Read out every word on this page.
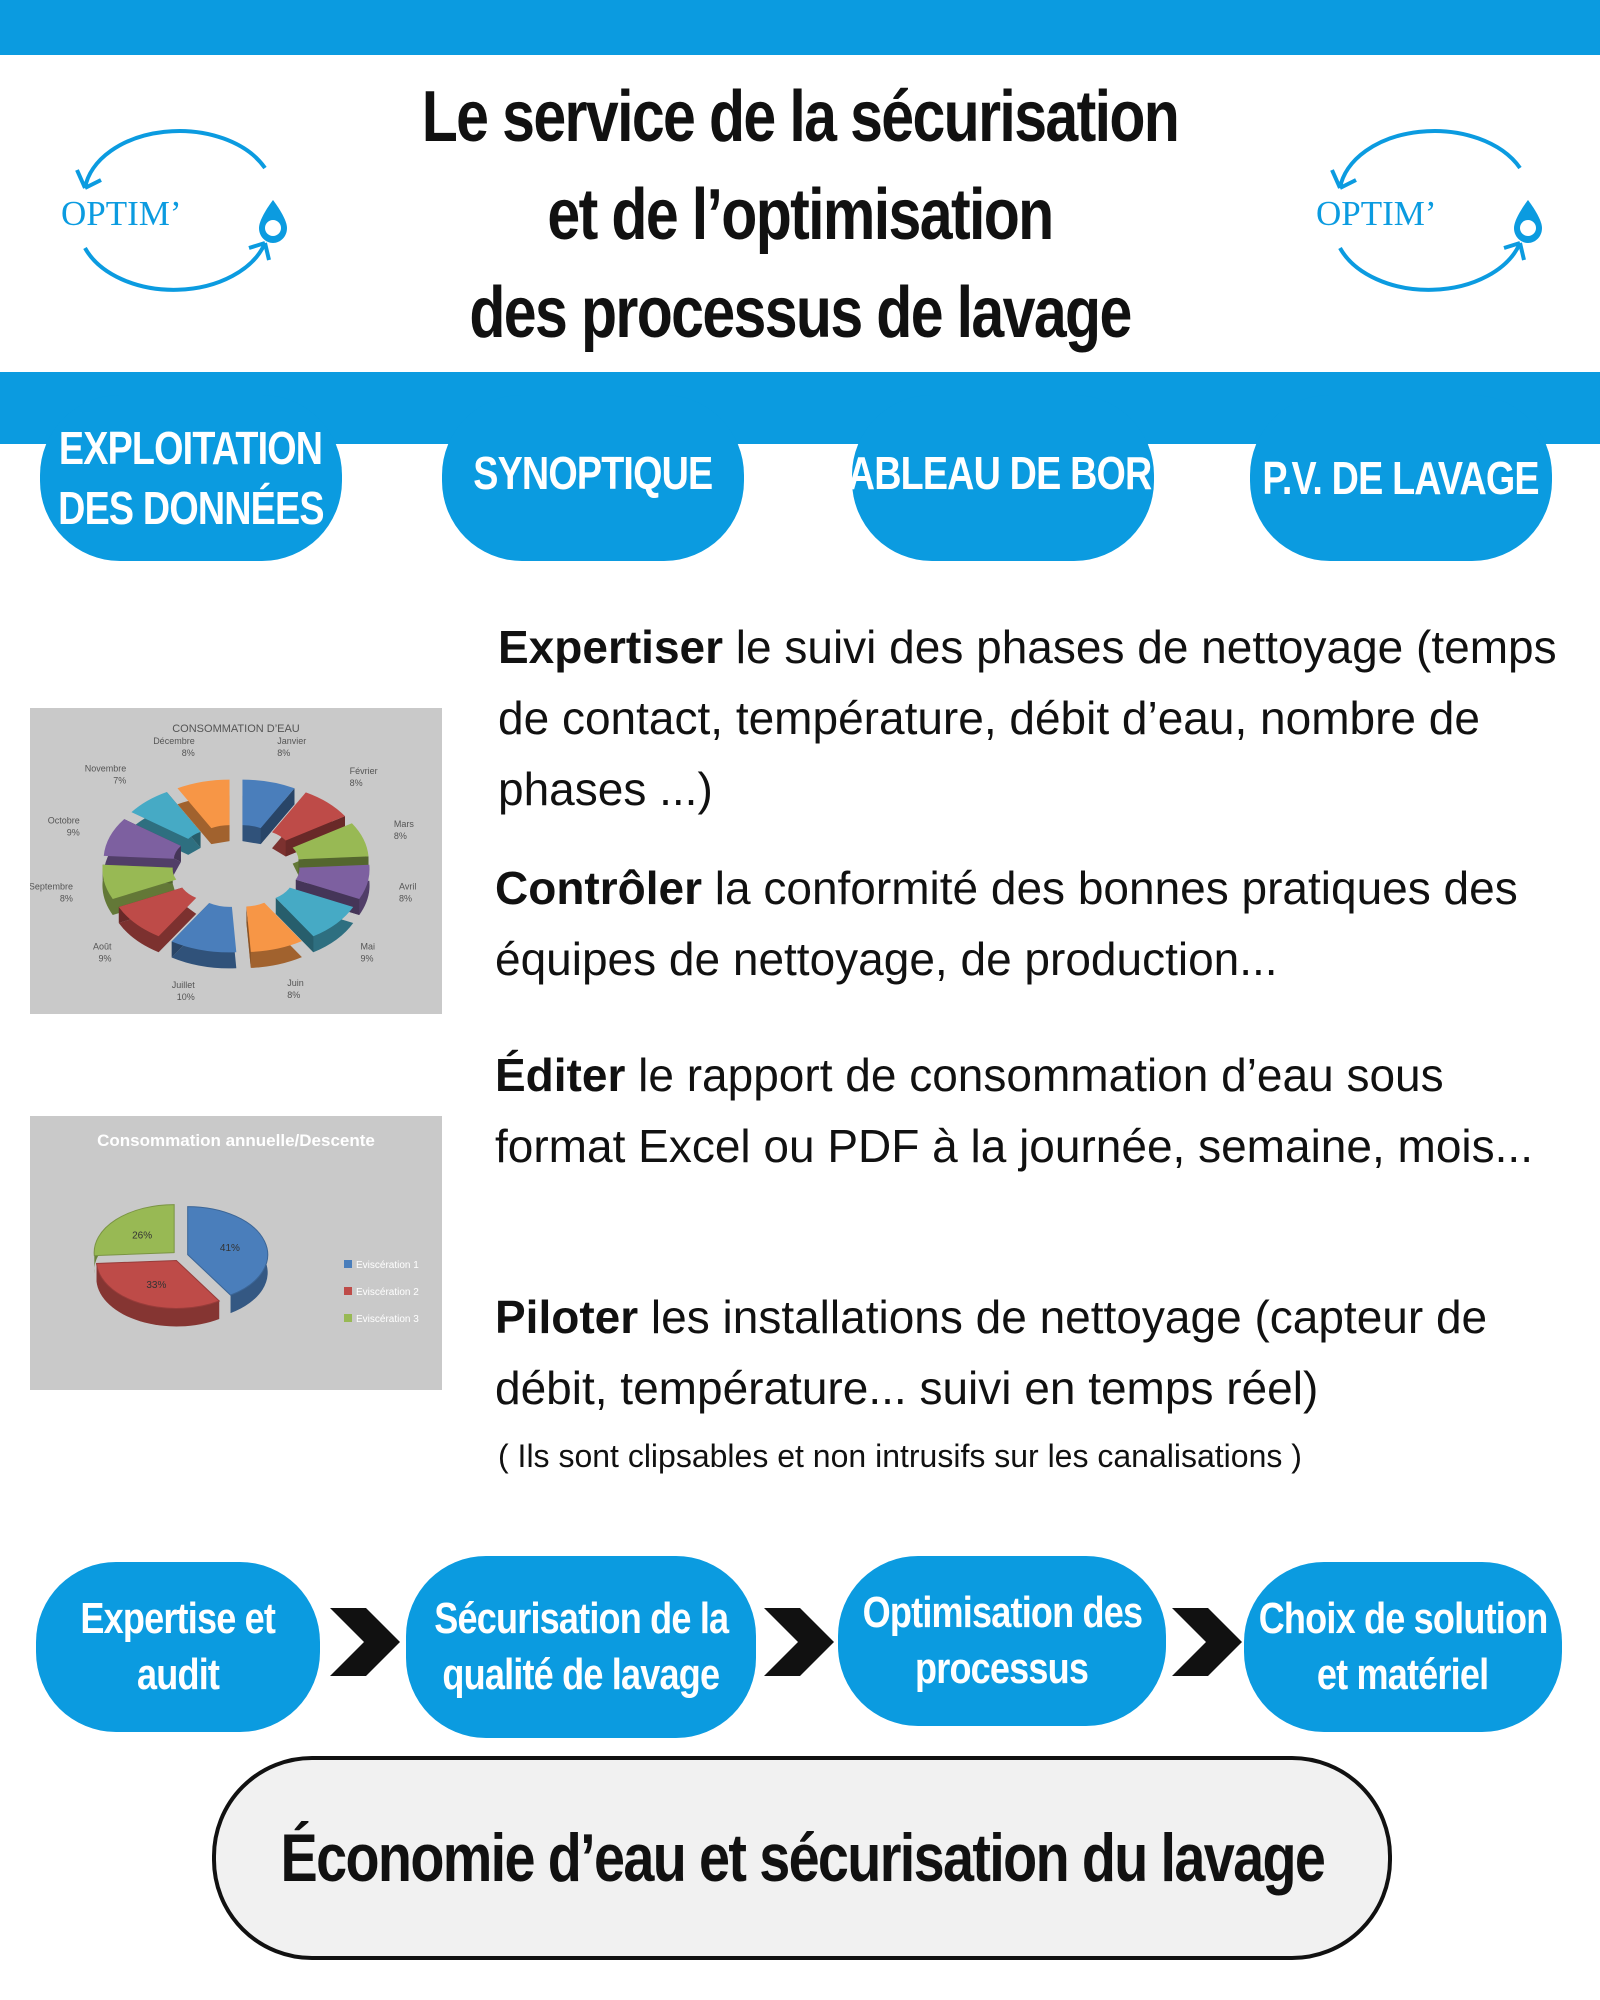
OPTIM’	OPTIM’
Le service de la sécurisation
et de l’optimisation
des processus de lavage
EXPLOITATION
DES DONNÉES
SYNOPTIQUE	TABLEAU DE BORD P.V. DE LAVAGE
CONSOMMATION D’EAU
Janvier
8%
Février
8%
Mars
8%
Avril
8%
Mai
9%
Juin
8%
Juillet
10%
Août
9%
Septembre
8%
Octobre
9%
Novembre
7%
Décembre
8%
Consommation annuelle/Descente
41%
33%
26%
Eviscération 1
Eviscération 2
Eviscération 3
Expertiser le suivi des phases de nettoyage (temps de contact, température, débit d’eau, nombre de phases ...)
Contrôler la conformité des bonnes pratiques des équipes de nettoyage, de production...
Éditer le rapport de consommation d’eau sous format Excel ou PDF à la journée, semaine, mois...
Piloter les installations de nettoyage (capteur de débit, température... suivi en temps réel)
( Ils sont clipsables et non intrusifs sur les canalisations )
Expertise et
audit
Sécurisation de la
qualité de lavage
Optimisation des
processus
Choix de solution
et matériel
Économie d’eau et sécurisation du lavage
